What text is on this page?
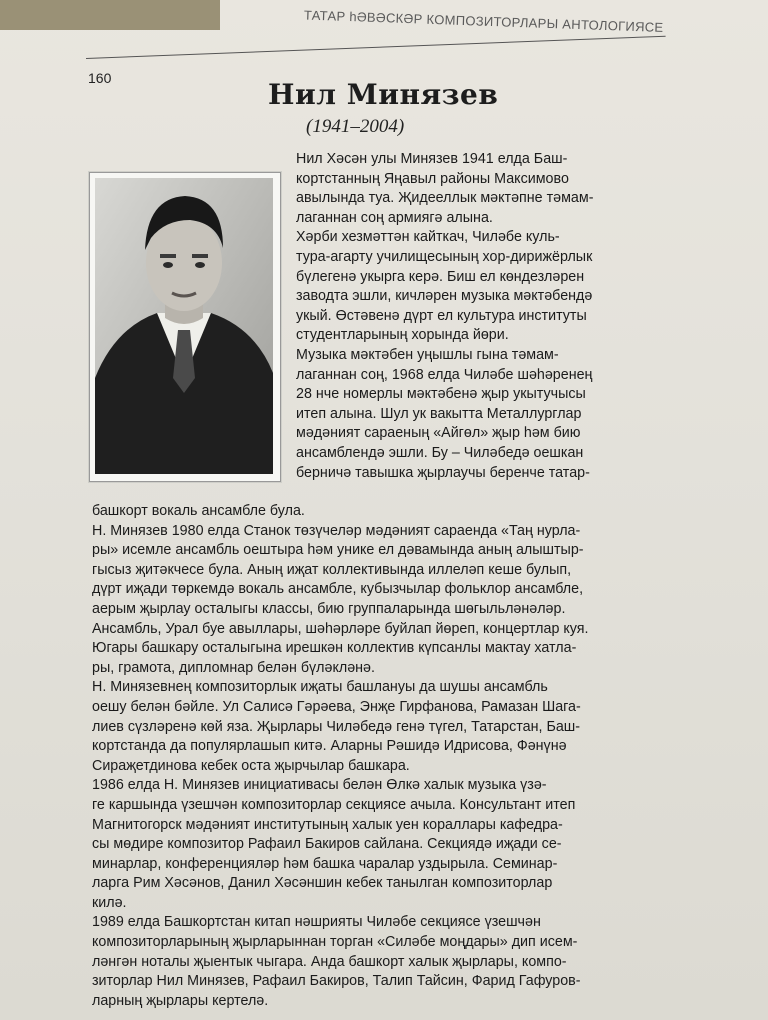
ТАТАР һӘВӘСКӘР КОМПОЗИТОРЛАРЫ АНТОЛОГИЯСЕ
160	Нил Минязев
(1941–2004)
Нил Хәсән улы Минязев 1941 елда Баш-
кортстанның Яңавыл районы Максимово
авылында туа. Җидееллык мәктәпне тәмам-
лаганнан соң армиягә алына.
Хәрби хезмәттән кайткач, Чиләбе куль-
тура-агарту училищесының хор-дирижёрлык
бүлегенә укырга керә. Биш ел көндезләрен
заводта эшли, кичләрен музыка мәктәбендә
укый. Өстәвенә дүрт ел культура институты
студентларының хорында йөри.
Музыка мәктәбен уңышлы гына тәмам-
лаганнан соң, 1968 елда Чиләбе шәһәренең
28 нче номерлы мәктәбенә җыр укытучысы
итеп алына. Шул ук вакытта Металлурглар
мәдәният сараеның «Айгөл» җыр һәм бию
ансамблендә эшли. Бу – Чиләбедә оешкан
берничә тавышка җырлаучы беренче татар-
башкорт вокаль ансамбле була.
Н. Минязев 1980 елда Станок төзүчеләр мәдәният сараенда «Таң нурла-
ры» исемле ансамбль оештыра һәм уникe ел дәвамында аның алыштыр-
гысыз җитәкчесе була. Аның иҗат коллективында иллеләп кеше булып,
дүрт иҗади төркемдә вокаль ансамбле, кубызчылар фольклор ансамбле,
аерым җырлау осталыгы классы, бию группаларында шөгыльләнәләр.
Ансамбль, Урал буе авыллары, шәһәрләре буйлап йөреп, концертлар куя.
Югары башкару осталыгына ирешкән коллектив күпсанлы мактау хатла-
ры, грамота, дипломнар белән бүләкләнә.
Н. Минязевнең композиторлык иҗаты башлануы да шушы ансамбль
оешу белән бәйле. Ул Салисә Гәрәева, Энҗе Гирфанова, Рамазан Шага-
лиев сүзләренә көй яза. Җырлары Чиләбедә генә түгел, Татарстан, Баш-
кортстанда да популярлашып китә. Аларны Рәшидә Идрисова, Фәнүнә
Сираҗетдинова кебек оста җырчылар башкара.
1986 елда Н. Минязев инициативасы белән Өлкә халык музыка үзә-
ге каршында үзешчән композиторлар секциясе ачыла. Консультант итеп
Магнитогорск мәдәният институтының халык уен кораллары кафедра-
сы мөдире композитор Рафаил Бакиров сайлана. Секциядә иҗади се-
минарлар, конференцияләр һәм башка чаралар уздырыла. Семинар-
ларга Рим Хәсәнов, Данил Хәсәншин кебек танылган композиторлар
килә.
1989 елда Башкортстан китап нәшрияты Чиләбе секциясе үзешчән
композиторларының җырларыннан торган «Силәбе моңдары» дип исем-
ләнгән ноталы җыентык чыгара. Анда башкорт халык җырлары, компо-
зиторлар Нил Минязев, Рафаил Бакиров, Талип Тайсин, Фарид Гафуров-
ларның җырлары кертелә.
